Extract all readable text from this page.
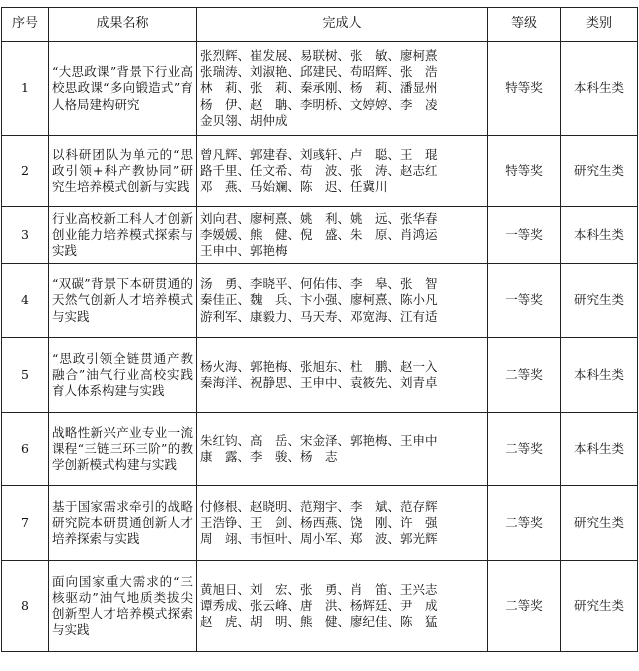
序号	成果名称	完成人	等级	类别
1	“大思政课”背景下行业高校思政课“多向锻造式”育人格局建构研究	张烈辉、崔发展、易联树、张　敏、廖柯熹
张瑞涛、刘淑艳、邱建民、苟昭辉、张　浩
林　莉、张　莉、秦承刚、杨　莉、潘显州
杨　伊、赵　聃、李明桥、文婷婷、李　凌
金贝翎、胡仲成	特等奖	本科生类
2	以科研团队为单元的“思政引领+科产教协同”研究生培养模式创新与实践	曾凡辉、郭建春、刘彧轩、卢　聪、王　琨
路千里、任文希、苟　波、张　涛、赵志红
邓　燕、马始斓、陈　迟、任冀川	特等奖	研究生类
3	行业高校新工科人才创新创业能力培养模式探索与实践	刘向君、廖柯熹、姚　利、姚　远、张华春
李媛媛、熊　健、倪　盛、朱　原、肖鸿运
王申中、郭艳梅	一等奖	本科生类
4	“双碳”背景下本研贯通的天然气创新人才培养模式与实践	汤　勇、李晓平、何佑伟、李　皋、张　智
秦佳正、魏　兵、卞小强、廖柯熹、陈小凡
游利军、康毅力、马天寿、邓宽海、江有适	一等奖	研究生类
5	“思政引领全链贯通产教融合”油气行业高校实践育人体系构建与实践	杨火海、郭艳梅、张旭东、杜　鹏、赵一入
秦海洋、祝静思、王申中、袁筱先、刘青卓	二等奖	本科生类
6	战略性新兴产业专业一流课程“三链三环三阶”的教学创新模式构建与实践	朱红钧、高　岳、宋金泽、郭艳梅、王申中
康　露、李　骏、杨　志	二等奖	本科生类
7	基于国家需求牵引的战略研究院本研贯通创新人才培养探索与实践	付修根、赵晓明、范翔宇、李　斌、范存辉
王浩铮、王　剑、杨西燕、饶　刚、许　强
周　翊、韦恒叶、周小军、郑　波、郭光辉	二等奖	研究生类
8	面向国家重大需求的“三核驱动”油气地质类拔尖创新型人才培养模式探索与实践	黄旭日、刘　宏、张　勇、肖　笛、王兴志
谭秀成、张云峰、唐　洪、杨辉廷、尹　成
赵　虎、胡　明、熊　健、廖纪佳、陈　猛	二等奖	研究生类
